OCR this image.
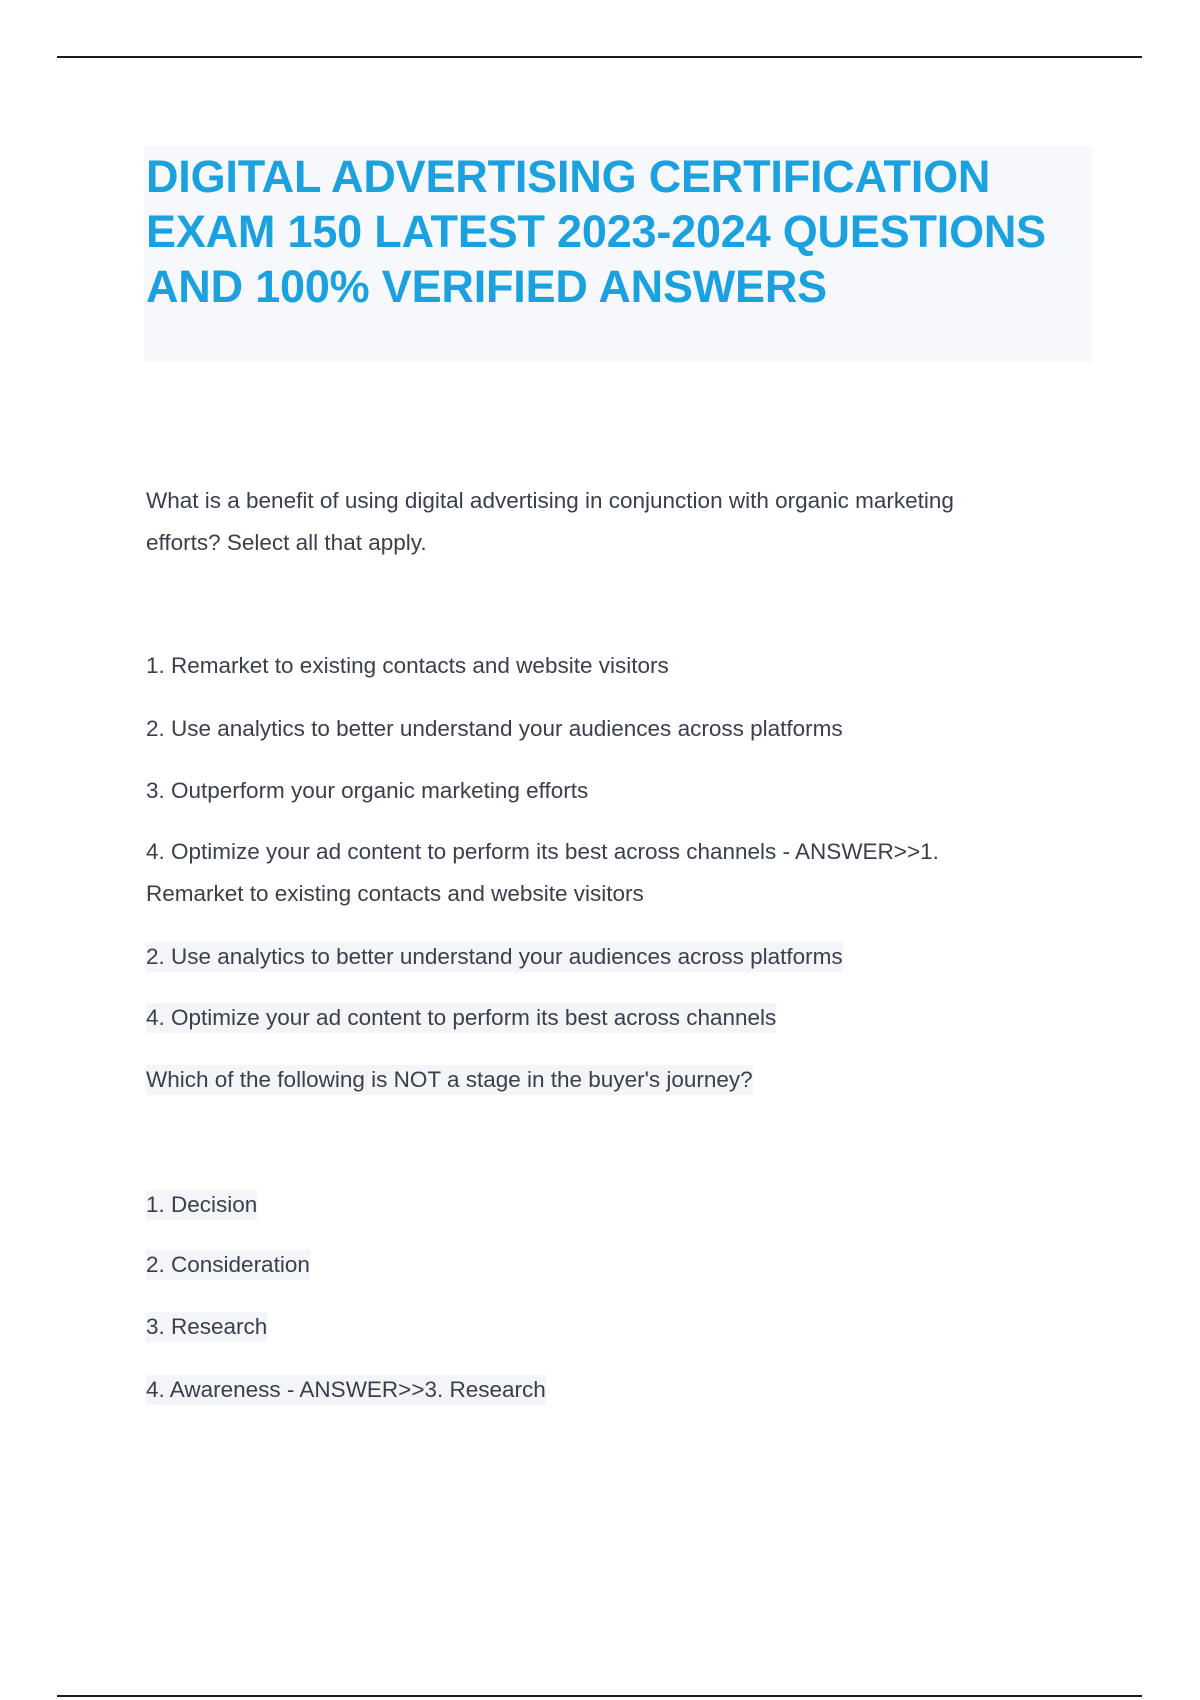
DIGITAL ADVERTISING CERTIFICATION
EXAM 150 LATEST 2023-2024 QUESTIONS
AND 100% VERIFIED ANSWERS
What is a benefit of using digital advertising in conjunction with organic marketing
efforts? Select all that apply.
1. Remarket to existing contacts and website visitors
2. Use analytics to better understand your audiences across platforms
3. Outperform your organic marketing efforts
4. Optimize your ad content to perform its best across channels - ANSWER>>1.
Remarket to existing contacts and website visitors
2. Use analytics to better understand your audiences across platforms
4. Optimize your ad content to perform its best across channels
Which of the following is NOT a stage in the buyer's journey?
1. Decision
2. Consideration
3. Research
4. Awareness - ANSWER>>3. Research
